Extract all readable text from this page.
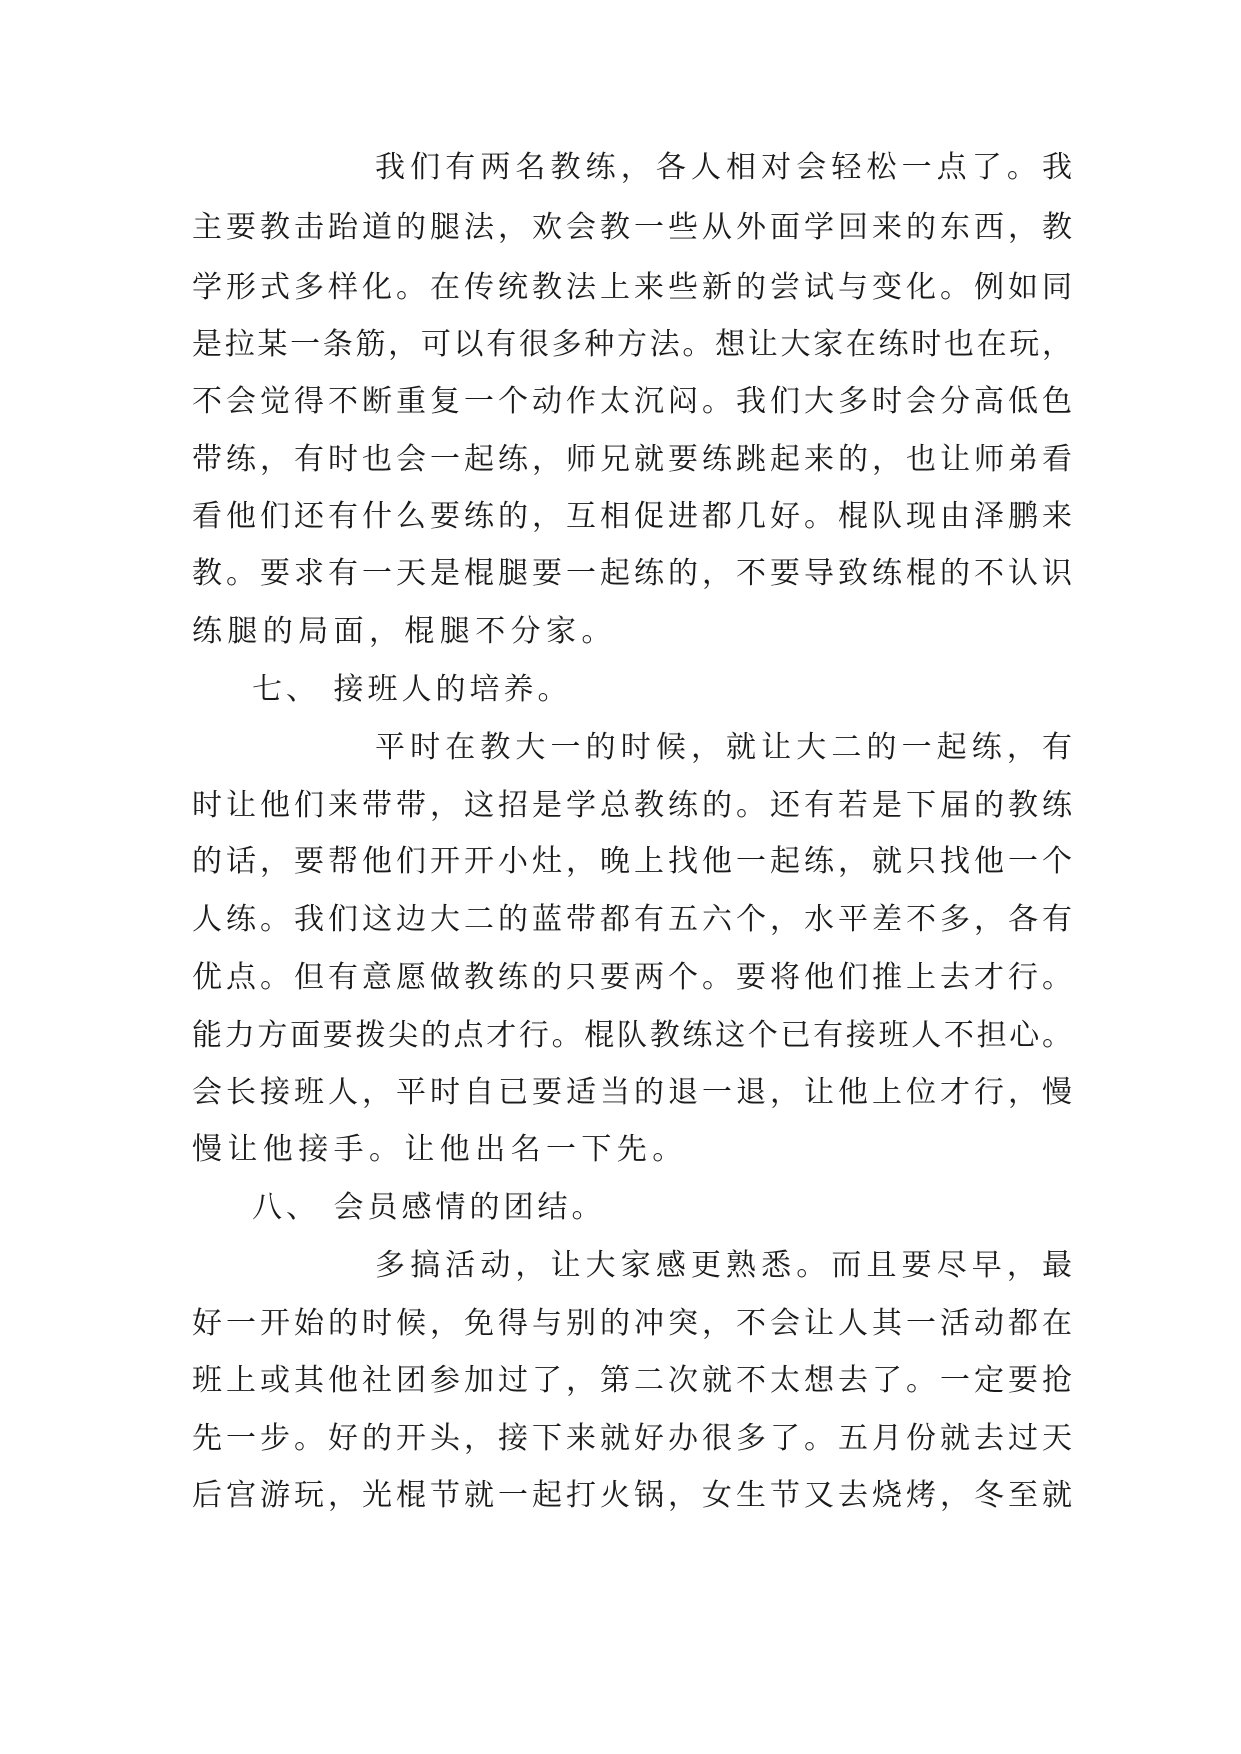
我们有两名教练，各人相对会轻松一点了。我
主要教击跆道的腿法，欢会教一些从外面学回来的东西，教
学形式多样化。在传统教法上来些新的尝试与变化。例如同
是拉某一条筋，可以有很多种方法。想让大家在练时也在玩，
不会觉得不断重复一个动作太沉闷。我们大多时会分高低色
带练，有时也会一起练，师兄就要练跳起来的，也让师弟看
看他们还有什么要练的，互相促进都几好。棍队现由泽鹏来
教。要求有一天是棍腿要一起练的，不要导致练棍的不认识
练腿的局面，棍腿不分家。
七、 接班人的培养。
平时在教大一的时候，就让大二的一起练，有
时让他们来带带，这招是学总教练的。还有若是下届的教练
的话，要帮他们开开小灶，晚上找他一起练，就只找他一个
人练。我们这边大二的蓝带都有五六个，水平差不多，各有
优点。但有意愿做教练的只要两个。要将他们推上去才行。
能力方面要拨尖的点才行。棍队教练这个已有接班人不担心。
会长接班人，平时自已要适当的退一退，让他上位才行，慢
慢让他接手。让他出名一下先。
八、 会员感情的团结。
多搞活动，让大家感更熟悉。而且要尽早，最
好一开始的时候，免得与别的冲突，不会让人其一活动都在
班上或其他社团参加过了，第二次就不太想去了。一定要抢
先一步。好的开头，接下来就好办很多了。五月份就去过天
后宫游玩，光棍节就一起打火锅，女生节又去烧烤，冬至就
